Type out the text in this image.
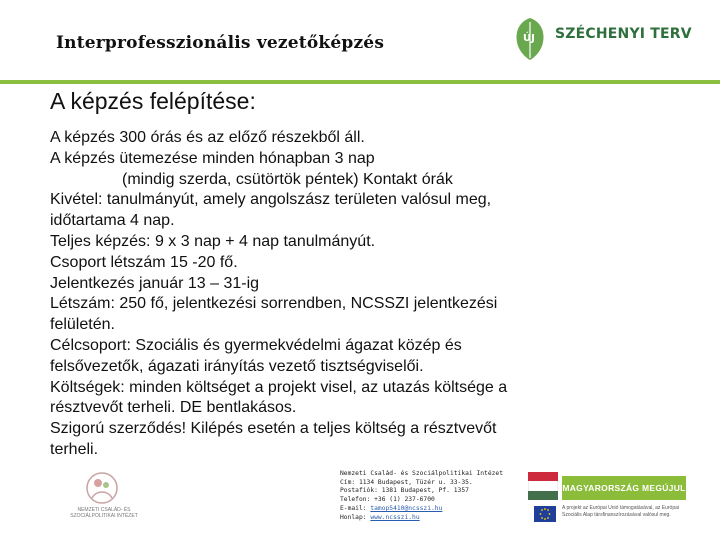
Interprofesszionális vezetőképzés	ÚJ SZÉCHENYI TERV
A képzés felépítése:
A képzés 300 órás és az előző részekből áll.
A képzés ütemezése minden hónapban 3 nap
(mindig szerda, csütörtök péntek) Kontakt órák
Kivétel: tanulmányút, amely angolszász területen valósul meg,
időtartama 4 nap.
Teljes képzés: 9 x 3 nap + 4 nap tanulmányút.
Csoport létszám 15 -20 fő.
Jelentkezés január 13 – 31-ig
Létszám: 250 fő, jelentkezési sorrendben, NCSSZI jelentkezési
felületén.
Célcsoport: Szociális és gyermekvédelmi ágazat közép és
felsővezetők, ágazati irányítás vezető tisztségviselői.
Költségek: minden költséget a projekt visel, az utazás költsége a
résztvevőt terheli. DE bentlakásos.
Szigorú szerződés! Kilépés esetén a teljes költség a résztvevőt
terheli.
NEMZETI CSALÁD- ÉS SZOCIÁLPOLITIKAI INTÉZET
Nemzeti Család- és Szociálpolitikai Intézet
Cím: 1134 Budapest, Tüzér u. 33-35.
Postafiók: 1381 Budapest, Pf. 1357
Telefon: +36 (1) 237-6700
E-mail: tamop5410@ncsszi.hu
Honlap: www.ncsszi.hu
MAGYARORSZÁG MEGÚJUL
A projekt az Európai Unió támogatásával, az Európai Szociális Alap társfinanszírozásával valósul meg.
